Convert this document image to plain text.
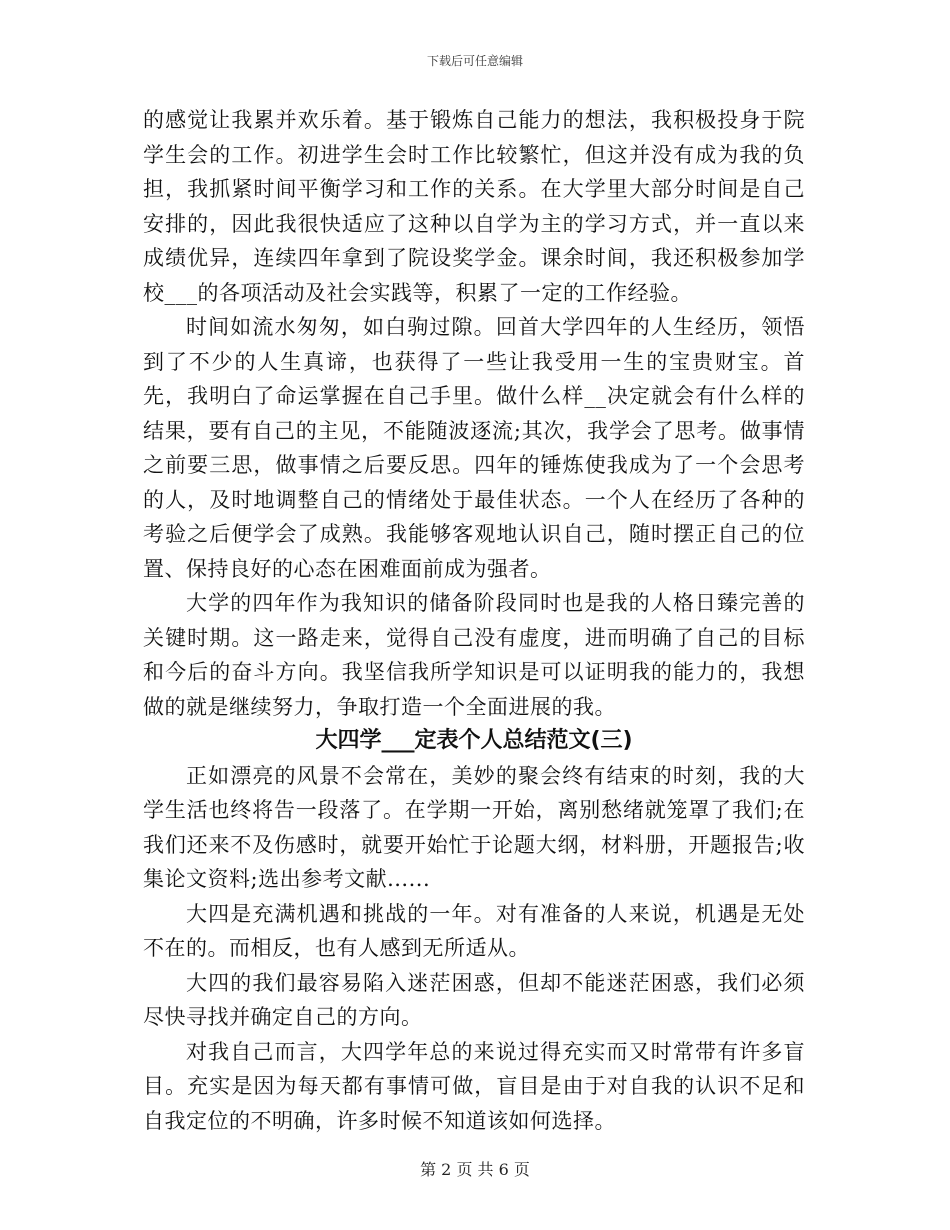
下载后可任意编辑

的感觉让我累并欢乐着。基于锻炼自己能力的想法，我积极投身于院学生会的工作。初进学生会时工作比较繁忙，但这并没有成为我的负担，我抓紧时间平衡学习和工作的关系。在大学里大部分时间是自己安排的，因此我很快适应了这种以自学为主的学习方式，并一直以来成绩优异，连续四年拿到了院设奖学金。课余时间，我还积极参加学校___的各项活动及社会实践等，积累了一定的工作经验。

时间如流水匆匆，如白驹过隙。回首大学四年的人生经历，领悟到了不少的人生真谛，也获得了一些让我受用一生的宝贵财宝。首先，我明白了命运掌握在自己手里。做什么样__决定就会有什么样的结果，要有自己的主见，不能随波逐流;其次，我学会了思考。做事情之前要三思，做事情之后要反思。四年的锤炼使我成为了一个会思考的人，及时地调整自己的情绪处于最佳状态。一个人在经历了各种的考验之后便学会了成熟。我能够客观地认识自己，随时摆正自己的位置、保持良好的心态在困难面前成为强者。

大学的四年作为我知识的储备阶段同时也是我的人格日臻完善的关键时期。这一路走来，觉得自己没有虚度，进而明确了自己的目标和今后的奋斗方向。我坚信我所学知识是可以证明我的能力的，我想做的就是继续努力，争取打造一个全面进展的我。

大四学___定表个人总结范文(三)

正如漂亮的风景不会常在，美妙的聚会终有结束的时刻，我的大学生活也终将告一段落了。在学期一开始，离别愁绪就笼罩了我们;在我们还来不及伤感时，就要开始忙于论题大纲，材料册，开题报告;收集论文资料;选出参考文献......

大四是充满机遇和挑战的一年。对有准备的人来说，机遇是无处不在的。而相反，也有人感到无所适从。

大四的我们最容易陷入迷茫困惑，但却不能迷茫困惑，我们必须尽快寻找并确定自己的方向。

对我自己而言，大四学年总的来说过得充实而又时常带有许多盲目。充实是因为每天都有事情可做，盲目是由于对自我的认识不足和自我定位的不明确，许多时候不知道该如何选择。

第 2 页 共 6 页
